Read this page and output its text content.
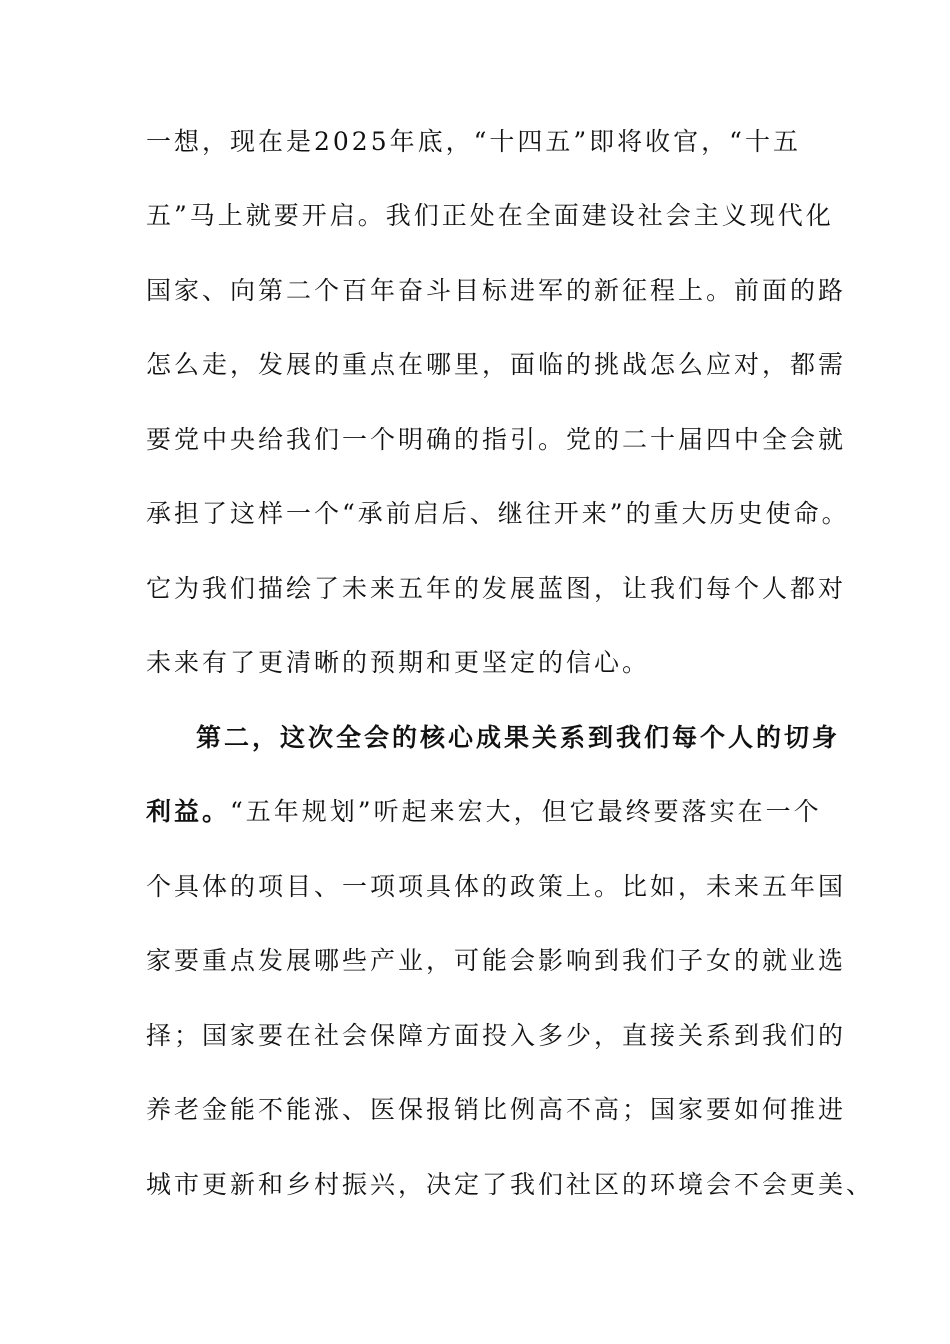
一想，现在是2025年底，“十四五”即将收官，“十五
五”马上就要开启。我们正处在全面建设社会主义现代化
国家、向第二个百年奋斗目标进军的新征程上。前面的路
怎么走，发展的重点在哪里，面临的挑战怎么应对，都需
要党中央给我们一个明确的指引。党的二十届四中全会就
承担了这样一个“承前启后、继往开来”的重大历史使命。
它为我们描绘了未来五年的发展蓝图，让我们每个人都对
未来有了更清晰的预期和更坚定的信心。
第二，这次全会的核心成果关系到我们每个人的切身
利益。“五年规划”听起来宏大，但它最终要落实在一个
个具体的项目、一项项具体的政策上。比如，未来五年国
家要重点发展哪些产业，可能会影响到我们子女的就业选
择；国家要在社会保障方面投入多少，直接关系到我们的
养老金能不能涨、医保报销比例高不高；国家要如何推进
城市更新和乡村振兴，决定了我们社区的环境会不会更美、
